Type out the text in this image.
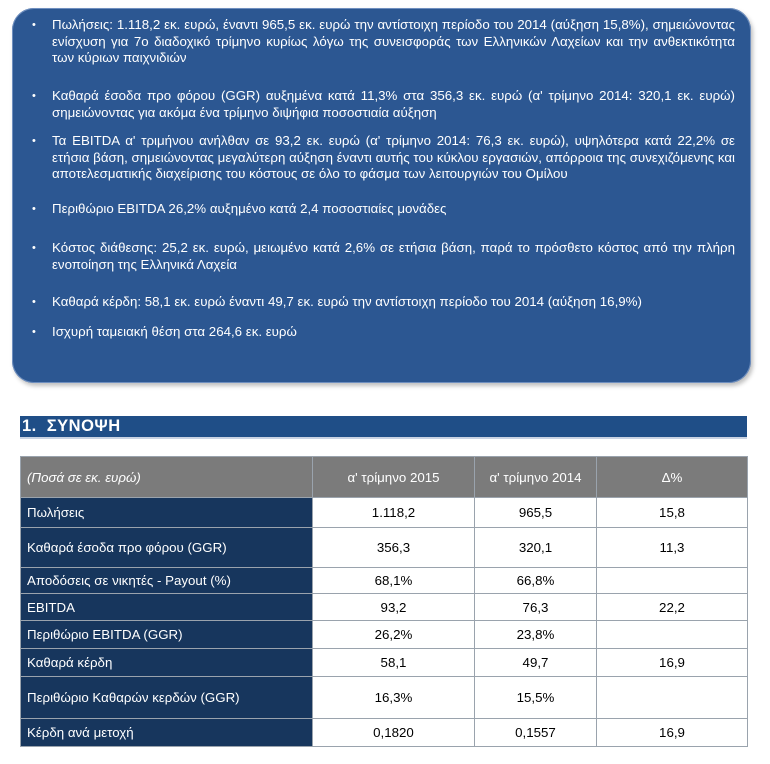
• Πωλήσεις: 1.118,2 εκ. ευρώ, έναντι 965,5 εκ. ευρώ την αντίστοιχη περίοδο του 2014 (αύξηση 15,8%), σημειώνοντας ενίσχυση για 7ο διαδοχικό τρίμηνο κυρίως λόγω της συνεισφοράς των Ελληνικών Λαχείων και την ανθεκτικότητα των κύριων παιχνιδιών
• Καθαρά έσοδα προ φόρου (GGR) αυξημένα κατά 11,3% στα 356,3 εκ. ευρώ (α' τρίμηνο 2014: 320,1 εκ. ευρώ) σημειώνοντας για ακόμα ένα τρίμηνο διψήφια ποσοστιαία αύξηση
• Τα EBITDA α' τριμήνου ανήλθαν σε 93,2 εκ. ευρώ (α' τρίμηνο 2014: 76,3 εκ. ευρώ), υψηλότερα κατά 22,2% σε ετήσια βάση, σημειώνοντας μεγαλύτερη αύξηση έναντι αυτής του κύκλου εργασιών, απόρροια της συνεχιζόμενης και αποτελεσματικής διαχείρισης του κόστους σε όλο το φάσμα των λειτουργιών του Ομίλου
• Περιθώριο EBITDA 26,2% αυξημένο κατά 2,4 ποσοστιαίες μονάδες
• Κόστος διάθεσης: 25,2 εκ. ευρώ, μειωμένο κατά 2,6% σε ετήσια βάση, παρά το πρόσθετο κόστος από την πλήρη ενοποίηση της Ελληνικά Λαχεία
• Καθαρά κέρδη: 58,1 εκ. ευρώ έναντι 49,7 εκ. ευρώ την αντίστοιχη περίοδο του 2014 (αύξηση 16,9%)
• Ισχυρή ταμειακή θέση στα 264,6 εκ. ευρώ
1. ΣΥΝΟΨΗ
(Ποσά σε εκ. ευρώ)	α' τρίμηνο 2015	α' τρίμηνο 2014	Δ%
Πωλήσεις	1.118,2	965,5	15,8
Καθαρά έσοδα προ φόρου (GGR)	356,3	320,1	11,3
Αποδόσεις σε νικητές - Payout (%)	68,1%	66,8%	
EBITDA	93,2	76,3	22,2
Περιθώριο EBITDA (GGR)	26,2%	23,8%	
Καθαρά κέρδη	58,1	49,7	16,9
Περιθώριο Καθαρών κερδών (GGR)	16,3%	15,5%	
Κέρδη ανά μετοχή	0,1820	0,1557	16,9
